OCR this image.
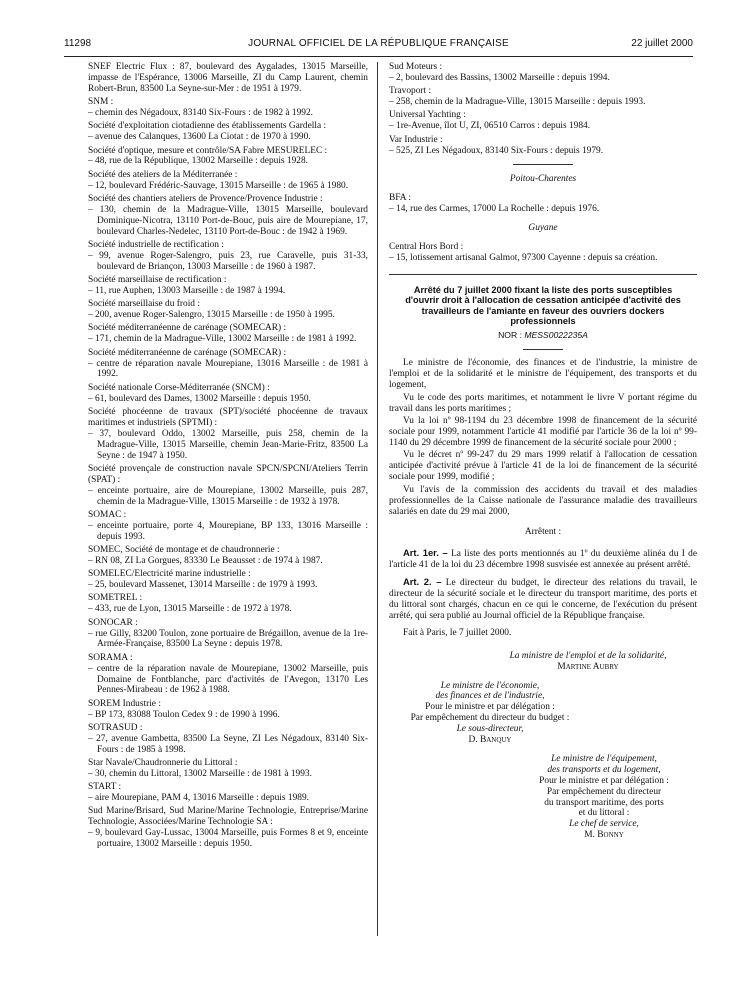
11298	JOURNAL OFFICIEL DE LA RÉPUBLIQUE FRANÇAISE	22 juillet 2000

SNEF Electric Flux : 87, boulevard des Aygalades, 13015 Marseille, impasse de l'Espérance, 13006 Marseille, ZI du Camp Laurent, chemin Robert-Brun, 83500 La Seyne-sur-Mer : de 1951 à 1979.

SNM :

– chemin des Négadoux, 83140 Six-Fours : de 1982 à 1992.

Société d'exploitation ciotadienne des établissements Gardella :

– avenue des Calanques, 13600 La Ciotat : de 1970 à 1990.

Société d'optique, mesure et contrôle/SA Fabre MESURELEC :

– 48, rue de la République, 13002 Marseille : depuis 1928.

Société des ateliers de la Méditerranée :

– 12, boulevard Frédéric-Sauvage, 13015 Marseille : de 1965 à 1980.

Société des chantiers ateliers de Provence/Provence Industrie :

– 130, chemin de la Madrague-Ville, 13015 Marseille, boulevard Dominique-Nicotra, 13110 Port-de-Bouc, puis aire de Mourepiane, 17, boulevard Charles-Nedelec, 13110 Port-de-Bouc : de 1942 à 1969.

Société industrielle de rectification :

– 99, avenue Roger-Salengro, puis 23, rue Caravelle, puis 31-33, boulevard de Briançon, 13003 Marseille : de 1960 à 1987.

Société marseillaise de rectification :

– 11, rue Auphen, 13003 Marseille : de 1987 à 1994.

Société marseillaise du froid :

– 200, avenue Roger-Salengro, 13015 Marseille : de 1950 à 1995.

Société méditerranéenne de carénage (SOMECAR) :

– 171, chemin de la Madrague-Ville, 13002 Marseille : de 1981 à 1992.

Société méditerranéenne de carénage (SOMECAR) :

– centre de réparation navale Mourepiane, 13016 Marseille : de 1981 à 1992.

Société nationale Corse-Méditerranée (SNCM) :

– 61, boulevard des Dames, 13002 Marseille : depuis 1950.

Société phocéenne de travaux (SPT)/société phocéenne de travaux maritimes et industriels (SPTMI) :

– 37, boulevard Oddo, 13002 Marseille, puis 258, chemin de la Madrague-Ville, 13015 Marseille, chemin Jean-Marie-Fritz, 83500 La Seyne : de 1947 à 1950.

Société provençale de construction navale SPCN/SPCNI/Ateliers Terrin (SPAT) :

– enceinte portuaire, aire de Mourepiane, 13002 Marseille, puis 287, chemin de la Madrague-Ville, 13015 Marseille : de 1932 à 1978.

SOMAC :

– enceinte portuaire, porte 4, Mourepiane, BP 133, 13016 Marseille : depuis 1993.

SOMEC, Société de montage et de chaudronnerie :

– RN 08, ZI La Gorgues, 83330 Le Beausset : de 1974 à 1987.

SOMELEC/Electricité marine industrielle :

– 25, boulevard Massenet, 13014 Marseille : de 1979 à 1993.

SOMETREL :

– 433, rue de Lyon, 13015 Marseille : de 1972 à 1978.

SONOCAR :

– rue Gilly, 83200 Toulon, zone portuaire de Brégaillon, avenue de la 1re-Armée-Française, 83500 La Seyne : depuis 1978.

SORAMA :

– centre de la réparation navale de Mourepiane, 13002 Marseille, puis Domaine de Fontblanche, parc d'activités de l'Avegon, 13170 Les Pennes-Mirabeau : de 1962 à 1988.

SOREM Industrie :

– BP 173, 83088 Toulon Cedex 9 : de 1990 à 1996.

SOTRASUD :

– 27, avenue Gambetta, 83500 La Seyne, ZI Les Négadoux, 83140 Six-Fours : de 1985 à 1998.

Star Navale/Chaudronnerie du Littoral :

– 30, chemin du Littoral, 13002 Marseille : de 1981 à 1993.

START :

– aire Mourepiane, PAM 4, 13016 Marseille : depuis 1989.

Sud Marine/Brisard, Sud Marine/Marine Technologie, Entreprise/Marine Technologie, Associées/Marine Technologie SA :

– 9, boulevard Gay-Lussac, 13004 Marseille, puis Formes 8 et 9, enceinte portuaire, 13002 Marseille : depuis 1950.

Sud Moteurs :

– 2, boulevard des Bassins, 13002 Marseille : depuis 1994.

Travoport :

– 258, chemin de la Madrague-Ville, 13015 Marseille : depuis 1993.

Universal Yachting :

– 1re-Avenue, îlot U, ZI, 06510 Carros : depuis 1984.

Var Industrie :

– 525, ZI Les Négadoux, 83140 Six-Fours : depuis 1979.

Poitou-Charentes

BFA :

– 14, rue des Carmes, 17000 La Rochelle : depuis 1976.

Guyane

Central Hors Bord :

– 15, lotissement artisanal Galmot, 97300 Cayenne : depuis sa création.

Arrêté du 7 juillet 2000 fixant la liste des ports susceptibles d'ouvrir droit à l'allocation de cessation anticipée d'activité des travailleurs de l'amiante en faveur des ouvriers dockers professionnels
NOR : MESS0022235A

Le ministre de l'économie, des finances et de l'industrie, la ministre de l'emploi et de la solidarité et le ministre de l'équipement, des transports et du logement,

Vu le code des ports maritimes, et notamment le livre V portant régime du travail dans les ports maritimes ;

Vu la loi nº 98-1194 du 23 décembre 1998 de financement de la sécurité sociale pour 1999, notamment l'article 41 modifié par l'article 36 de la loi nº 99-1140 du 29 décembre 1999 de financement de la sécurité sociale pour 2000 ;

Vu le décret nº 99-247 du 29 mars 1999 relatif à l'allocation de cessation anticipée d'activité prévue à l'article 41 de la loi de financement de la sécurité sociale pour 1999, modifié ;

Vu l'avis de la commission des accidents du travail et des maladies professionnelles de la Caisse nationale de l'assurance maladie des travailleurs salariés en date du 29 mai 2000,

Arrêtent :

Art. 1er. – La liste des ports mentionnés au 1º du deuxième alinéa du I de l'article 41 de la loi du 23 décembre 1998 susvisée est annexée au présent arrêté.

Art. 2. – Le directeur du budget, le directeur des relations du travail, le directeur de la sécurité sociale et le directeur du transport maritime, des ports et du littoral sont chargés, chacun en ce qui le concerne, de l'exécution du présent arrêté, qui sera publié au Journal officiel de la République française.

Fait à Paris, le 7 juillet 2000.

La ministre de l'emploi et de la solidarité,

Martine Aubry

Le ministre de l'économie,

des finances et de l'industrie,

Pour le ministre et par délégation :

Par empêchement du directeur du budget :

Le sous-directeur,

D. Banquy

Le ministre de l'équipement,

des transports et du logement,

Pour le ministre et par délégation :

Par empêchement du directeur

du transport maritime, des ports

et du littoral :

Le chef de service,

M. Bonny
